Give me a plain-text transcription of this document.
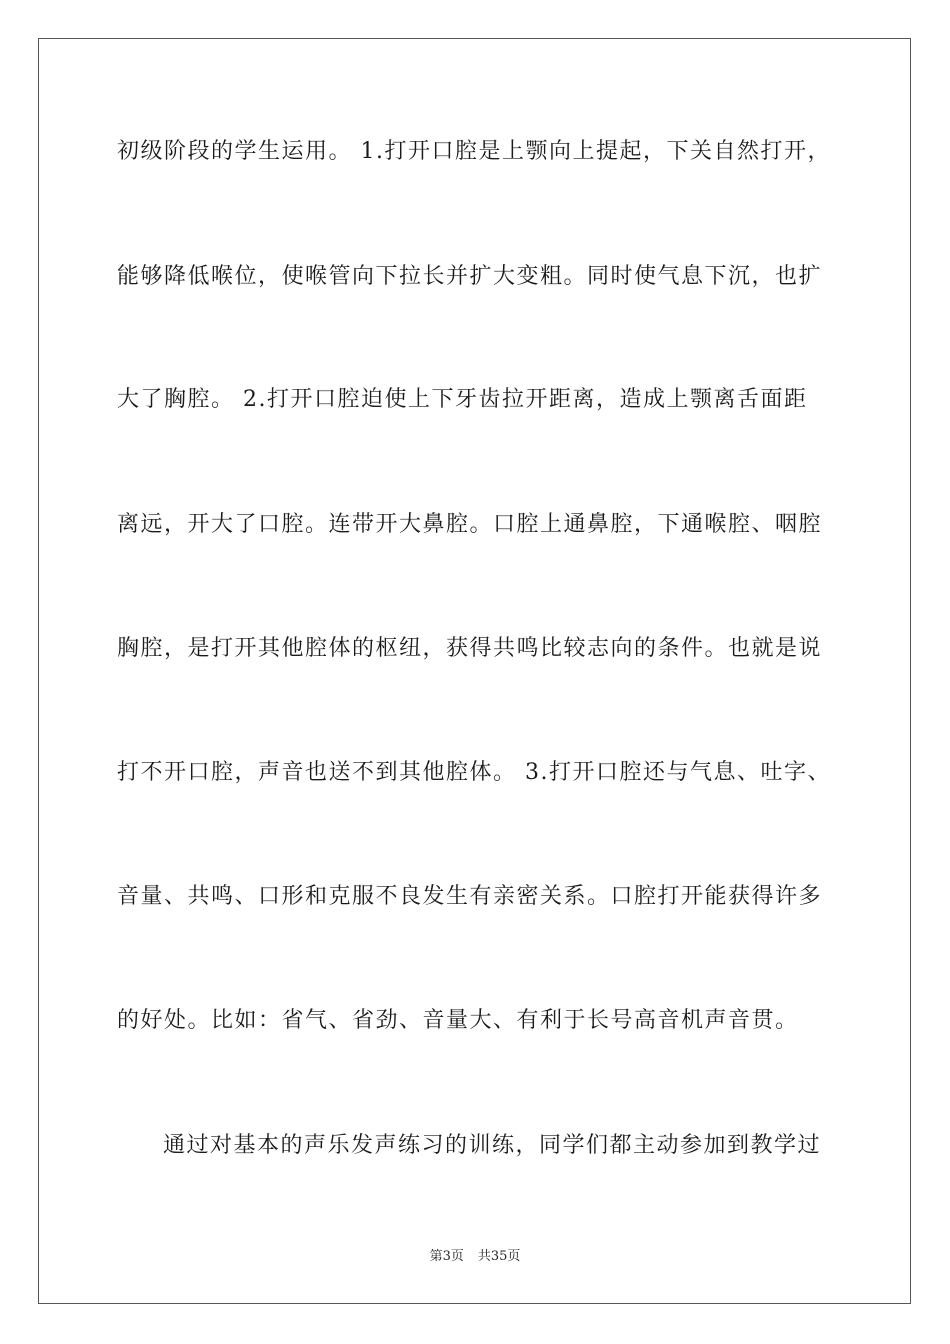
初级阶段的学生运用。 1.打开口腔是上颚向上提起，下关自然打开，
能够降低喉位，使喉管向下拉长并扩大变粗。同时使气息下沉，也扩
大了胸腔。 2.打开口腔迫使上下牙齿拉开距离，造成上颚离舌面距
离远，开大了口腔。连带开大鼻腔。口腔上通鼻腔，下通喉腔、咽腔
胸腔，是打开其他腔体的枢纽，获得共鸣比较志向的条件。也就是说
打不开口腔，声音也送不到其他腔体。 3.打开口腔还与气息、吐字、
音量、共鸣、口形和克服不良发生有亲密关系。口腔打开能获得许多
的好处。比如：省气、省劲、音量大、有利于长号高音机声音贯。
通过对基本的声乐发声练习的训练，同学们都主动参加到教学过
第3页 共35页
